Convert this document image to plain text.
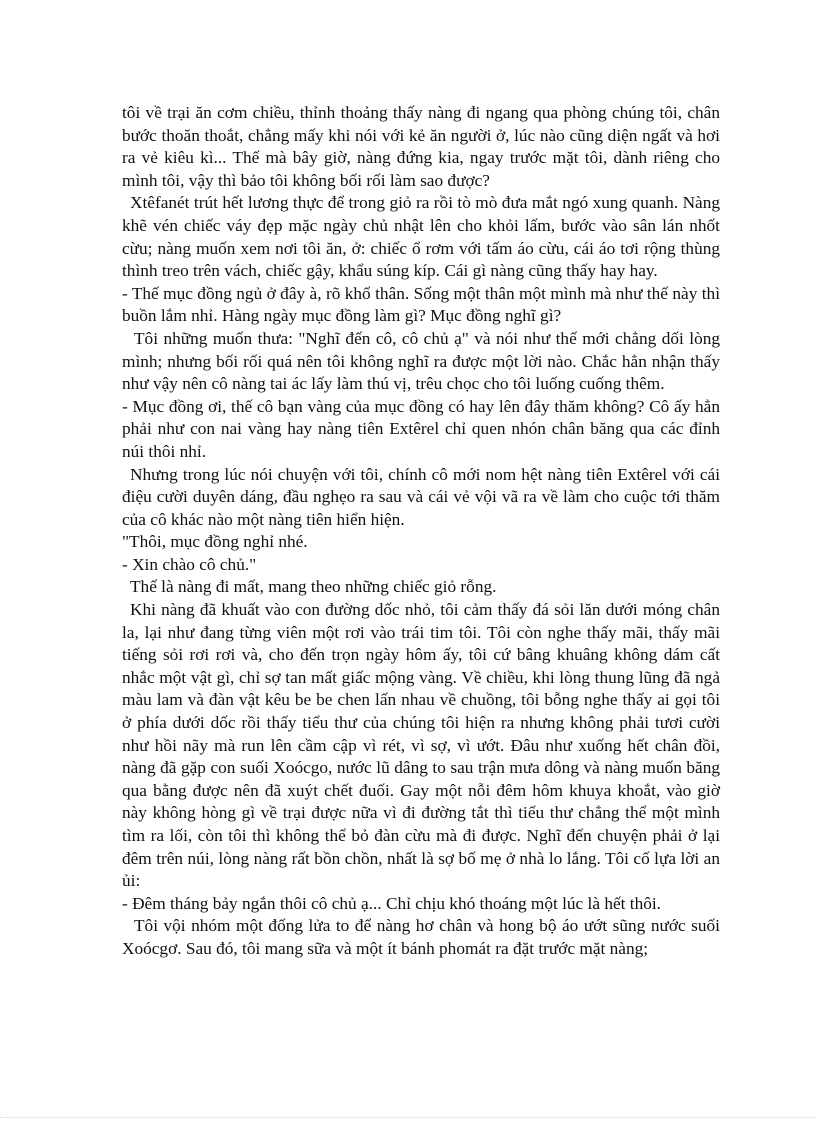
tôi về trại ăn cơm chiều, thỉnh thoảng thấy nàng đi ngang qua phòng chúng tôi, chân bước thoăn thoắt, chẳng mấy khi nói với kẻ ăn người ở, lúc nào cũng diện ngất và hơi ra vẻ kiêu kì... Thế mà bây giờ, nàng đứng kia, ngay trước mặt tôi, dành riêng cho mình tôi, vậy thì bảo tôi không bối rối làm sao được?

Xtêfanét trút hết lương thực để trong giỏ ra rồi tò mò đưa mắt ngó xung quanh. Nàng khẽ vén chiếc váy đẹp mặc ngày chủ nhật lên cho khỏi lấm, bước vào sân lán nhốt cừu; nàng muốn xem nơi tôi ăn, ở: chiếc ổ rơm với tấm áo cừu, cái áo tơi rộng thùng thình treo trên vách, chiếc gậy, khẩu súng kíp. Cái gì nàng cũng thấy hay hay.

- Thế mục đồng ngủ ở đây à, rõ khổ thân. Sống một thân một mình mà như thế này thì buồn lắm nhỉ. Hàng ngày mục đồng làm gì? Mục đồng nghĩ gì?

Tôi những muốn thưa: "Nghĩ đến cô, cô chủ ạ" và nói như thế mới chẳng dối lòng mình; nhưng bối rối quá nên tôi không nghĩ ra được một lời nào. Chắc hẳn nhận thấy như vậy nên cô nàng tai ác lấy làm thú vị, trêu chọc cho tôi luống cuống thêm.

- Mục đồng ơi, thế cô bạn vàng của mục đồng có hay lên đây thăm không? Cô ấy hẳn phải như con nai vàng hay nàng tiên Extêrel chỉ quen nhón chân băng qua các đỉnh núi thôi nhỉ.

Nhưng trong lúc nói chuyện với tôi, chính cô mới nom hệt nàng tiên Extêrel với cái điệu cười duyên dáng, đầu nghẹo ra sau và cái vẻ vội vã ra về làm cho cuộc tới thăm của cô khác nào một nàng tiên hiển hiện.

"Thôi, mục đồng nghỉ nhé.

- Xin chào cô chủ."

Thế là nàng đi mất, mang theo những chiếc giỏ rỗng.

Khi nàng đã khuất vào con đường dốc nhỏ, tôi cảm thấy đá sỏi lăn dưới móng chân la, lại như đang từng viên một rơi vào trái tim tôi. Tôi còn nghe thấy mãi, thấy mãi tiếng sỏi rơi rơi và, cho đến trọn ngày hôm ấy, tôi cứ bâng khuâng không dám cất nhắc một vật gì, chỉ sợ tan mất giấc mộng vàng. Về chiều, khi lòng thung lũng đã ngả màu lam và đàn vật kêu be be chen lấn nhau về chuồng, tôi bỗng nghe thấy ai gọi tôi ở phía dưới dốc rồi thấy tiểu thư của chúng tôi hiện ra nhưng không phải tươi cười như hồi nãy mà run lên cầm cập vì rét, vì sợ, vì ướt. Đâu như xuống hết chân đồi, nàng đã gặp con suối Xoócgo, nước lũ dâng to sau trận mưa dông và nàng muốn băng qua bằng được nên đã xuýt chết đuối. Gay một nỗi đêm hôm khuya khoắt, vào giờ này không hòng gì về trại được nữa vì đi đường tắt thì tiểu thư chẳng thể một mình tìm ra lối, còn tôi thì không thể bỏ đàn cừu mà đi được. Nghĩ đến chuyện phải ở lại đêm trên núi, lòng nàng rất bồn chồn, nhất là sợ bố mẹ ở nhà lo lắng. Tôi cố lựa lời an ủi:

- Đêm tháng bảy ngắn thôi cô chủ ạ... Chỉ chịu khó thoáng một lúc là hết thôi.

Tôi vội nhóm một đống lửa to để nàng hơ chân và hong bộ áo ướt sũng nước suối Xoócgơ. Sau đó, tôi mang sữa và một ít bánh phomát ra đặt trước mặt nàng;
